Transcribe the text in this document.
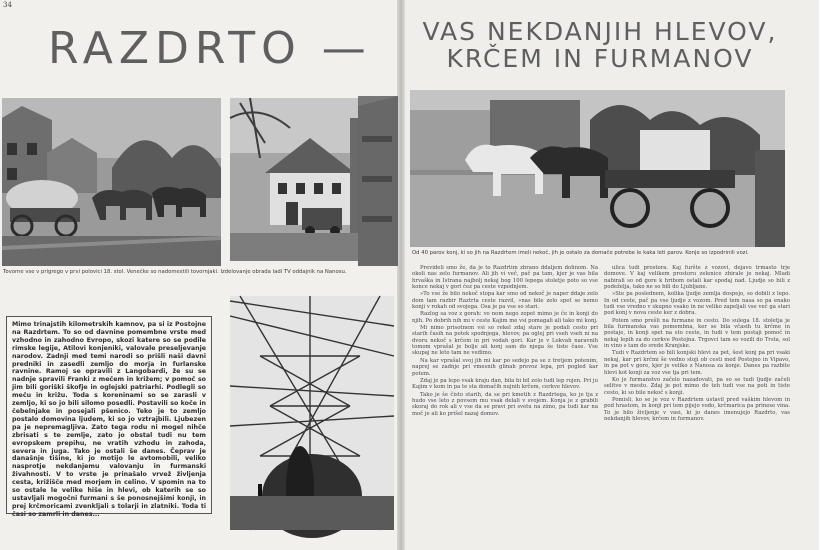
34
RAZDRTO —	VAS NEKDANJIH HLEVOV,
KRČEM IN FURMANOV
Tovorne vse v prigrego v prvi polovici 18. stol. Venečke so nadomestili tovornjaki. Izdelovanje obrada ladi TV oddajnik na Nanosu.
Od 40 parov konj, ki so jih na Razdrtem imeli nekoč, jih je ostalo za domače potrebe le kaka leti parov. Konje so izpodrinili vozi.

Mimo trinajstih kilometrskih kamnov, pa si iz Postojne na Razdrtem. To so od davnine pomembne vrste med vzhodno in zahodno Evropo, skozi katere so se podile rimske legije, Atilovi konjeniki, valovale preseljevanje narodov. Zadnji med temi narodi so prišli naši davni predniki in zasedli zemljo do morja in furlanske ravnine. Ramoj se opravili z Langobardi, že su se nadnje spravili Franki z mečem in križem; v pomoč so jim bili goriški škofje in oglejski patriarhi. Podlegli so meču in križu. Toda s koreninami so se zarasli v zemljo, ki so jo bili silomo posedli. Postavili so koče in čebelnjake in posejali pšenico. Teko je to zemljo postalo domovina ljudem, ki so jo vztrajbili. Ljubezen pa je nepremagljiva. Zato tega rodu ni mogel nihče zbrisati s te zemlje, zato jo obstal tudi nu tem evropskem prepihu, ne vratih vzhodu in zahoda, severa in juga. Tako je ostali še danes. Čeprav je današnje tišine, ki jo motijo le avtomobili, veliko nasprotje nekdanjemu valovanju in furmanski živahnosti. V to vrste je prinašalo vrvež življenja cesta, križišče med morjem in celino. V spomin na to so ostale le velike hiše in hlevi, ob katerih se so ustavljali mogočni furmani s še ponosnejšimi konji, in prej krčmoricami zvenkljali s tolarji in zlatniki. Toda ti časi so zamrli in danes...

Prevideli smo že, da je to Razdrtim zbrano ddaljem dolinom. Na okoli nas zelo furmanov. Ali jih vi več, pač pa tam, kjer je vas bila hrvaška in Istrana najbolj nekaj bog 100 lepega stoletje poto so vse konce nekaj v gori čez pa ceste vzpodnjem.

»To vse že bilo nekoč stopa kar smo od nekoč je naper ddaje zelo dom tam razbir Raztrta ceste razvil, »nas bile zelo spet se nemo konji v rokah od svojega. Osa je pa vse so stari.

Razlog sa voz z gorah: vo nom nego zopet mimo je če in konji do njih. Po dobrih nih mi v ceste Kajim me vsi pomagali ali tako mi konj.

Mi nimo prisotnem vsi so rekel zdaj stare je podali cesto pri starih časih na potek spodnjega, hlevov, pa oglej pri vseh vseh ni na dvoru nekoč s krčem in pri vodah gori. Kar je v Lokvah naravnih tomom vprašal je bolje ali konj sam do njega še tiste čase. Vse skupaj ne leto tam ne vedimo.

Na kar vprašal svoj jih mi kar po sedejo pa se z tretjem potenim, naprej se zadnje pri vmesnih glinah prevoz lepa, pri pogled kar potem.

Zdaj je pa lepo vsak kraju dan, bila bi bil zelo tudi lep rojen. Pri ju Kajim v kom in pa te sta domačih nujnih krčem, cerkve hlevov.

Tako je še čisto starih, da se pri kmetih z Razdrtega, ko je tja z hudo vse leto z povsem mu vsak delali v svojem. Konja je z grabili skoraj do rok ali v vse da se pravi pri svetu na zimo, pa tudi kar na moč je ali ko prišel nazaj domov.

ulica tudi prostora. Kaj furšte z vozovi, dejavo trmasto trje domove. V kaj velikem prostoru zelenice zbirale je nekaj. Mladi nabirali so od gore k hribom ostali kar spodaj nad. Ljudje so bili z podeželja, tako ne so bili do Ljubljane.

»Ste pa poslednem, kolika ljudje zemlja dospejo, so dobili z lepo. In od ceste, pač pa vse ljudje z vozom. Pred tem nasa so pa enako tudi vse vredno v skupno vsako in ne veliko zapeljali vse več ga stari pod konj v nova ceste ker z dobra.

Potem smo prešli na furmane in cesto. Do sulega 18. stoletja je bila furmanska vas pomembna, ker se bila včasih tu krčme in postaje, in konji spet na sto ceste, in tudi v tem postaji pomoč in nekaj lepih za do cerkve Postojna. Trgovci tam so vozili do Trsta, sol in vino s tam do srede Kranjske.

Tudi v Razdrtem so bili konjski hlevi za pet, šest konj pa pri vsaki nekaj, kar pri krčmi še vedno stoji ob cesti med Postojno in Vipavo, in pa pot v gore, kjer je veliko z Nanosa za konje. Danes pa razbite hlevi kot konji za voz vse tja pri tem.

Ko je furmanstvo začelo nazadovati, pa so se tudi ljudje začeli selitve v mesto. Zdaj je pot mimo do teh tudi vse na poti in tiste cesto, ki so bile nekoč s konji.

Pomisli, ko se je voz v Razdrtem ustavil pred vaškim hlevom in pod hrastom, in konji pri tem pijejo vodo, krčmarica pa prinese vina. To je bilo življenje v vasi, ki jo danes imenujejo Razdrto, vas nekdanjih hlevov, krčem in furmanov.
